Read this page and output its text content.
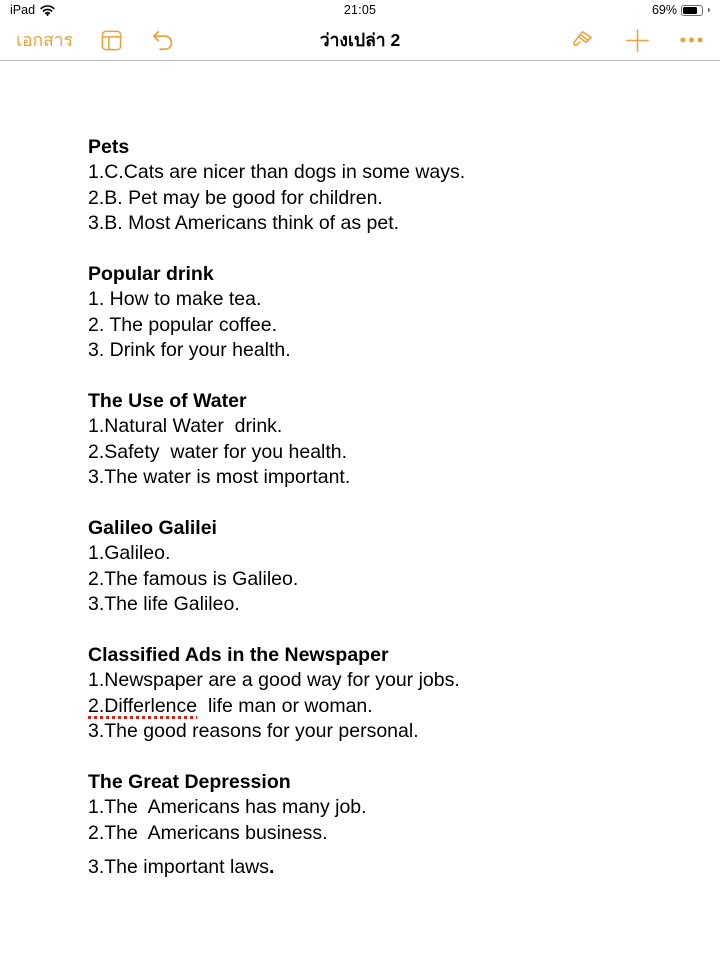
iPad	21:05	69%
เอกสาร	ว่างเปล่า 2
Pets

1.C.Cats are nicer than dogs in some ways.

2.B. Pet may be good for children.

3.B. Most Americans think of as pet.

Popular drink

1. How to make tea.

2. The popular coffee.

3. Drink for your health.

The Use of Water

1.Natural Water  drink.

2.Safety  water for you health.

3.The water is most important.

Galileo Galilei

1.Galileo.

2.The famous is Galileo.

3.The life Galileo.

Classified Ads in the Newspaper

1.Newspaper are a good way for your jobs.

2.Differlence  life man or woman.

3.The good reasons for your personal.

The Great Depression

1.The  Americans has many job.

2.The  Americans business.

3.The important laws.
